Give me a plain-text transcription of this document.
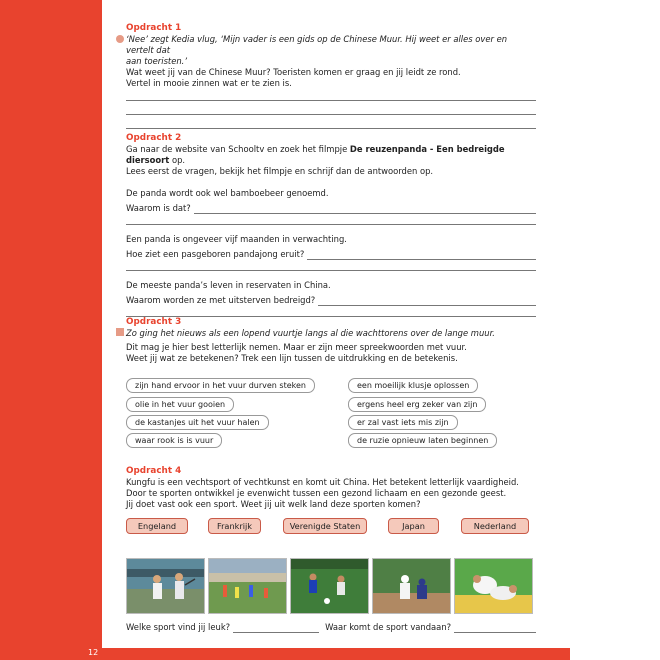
12
Opdracht 1
‘Nee’ zegt Kedia vlug, ‘Mijn vader is een gids op de Chinese Muur. Hij weet er alles over en vertelt dat
aan toeristen.’
Wat weet jij van de Chinese Muur? Toeristen komen er graag en jij leidt ze rond.
Vertel in mooie zinnen wat er te zien is.
Opdracht 2
Ga naar de website van Schooltv en zoek het filmpje De reuzenpanda - Een bedreigde diersoort op.
Lees eerst de vragen, bekijk het filmpje en schrijf dan de antwoorden op.
De panda wordt ook wel bamboebeer genoemd.
Waarom is dat?
Een panda is ongeveer vijf maanden in verwachting.
Hoe ziet een pasgeboren pandajong eruit?
De meeste panda’s leven in reservaten in China.
Waarom worden ze met uitsterven bedreigd?
Opdracht 3
Zo ging het nieuws als een lopend vuurtje langs al die wachttorens over de lange muur.
Dit mag je hier best letterlijk nemen. Maar er zijn meer spreekwoorden met vuur.
Weet jij wat ze betekenen? Trek een lijn tussen de uitdrukking en de betekenis.
zijn hand ervoor in het vuur durven steken
olie in het vuur gooien
de kastanjes uit het vuur halen
waar rook is is vuur
een moeilijk klusje oplossen
ergens heel erg zeker van zijn
er zal vast iets mis zijn
de ruzie opnieuw laten beginnen
Opdracht 4
Kungfu is een vechtsport of vechtkunst en komt uit China. Het betekent letterlijk vaardigheid.
Door te sporten ontwikkel je evenwicht tussen een gezond lichaam en een gezonde geest.
Jij doet vast ook een sport. Weet jij uit welk land deze sporten komen?
Engeland	Frankrijk	Verenigde Staten	Japan	Nederland
Welke sport vind jij leuk?	Waar komt de sport vandaan?
